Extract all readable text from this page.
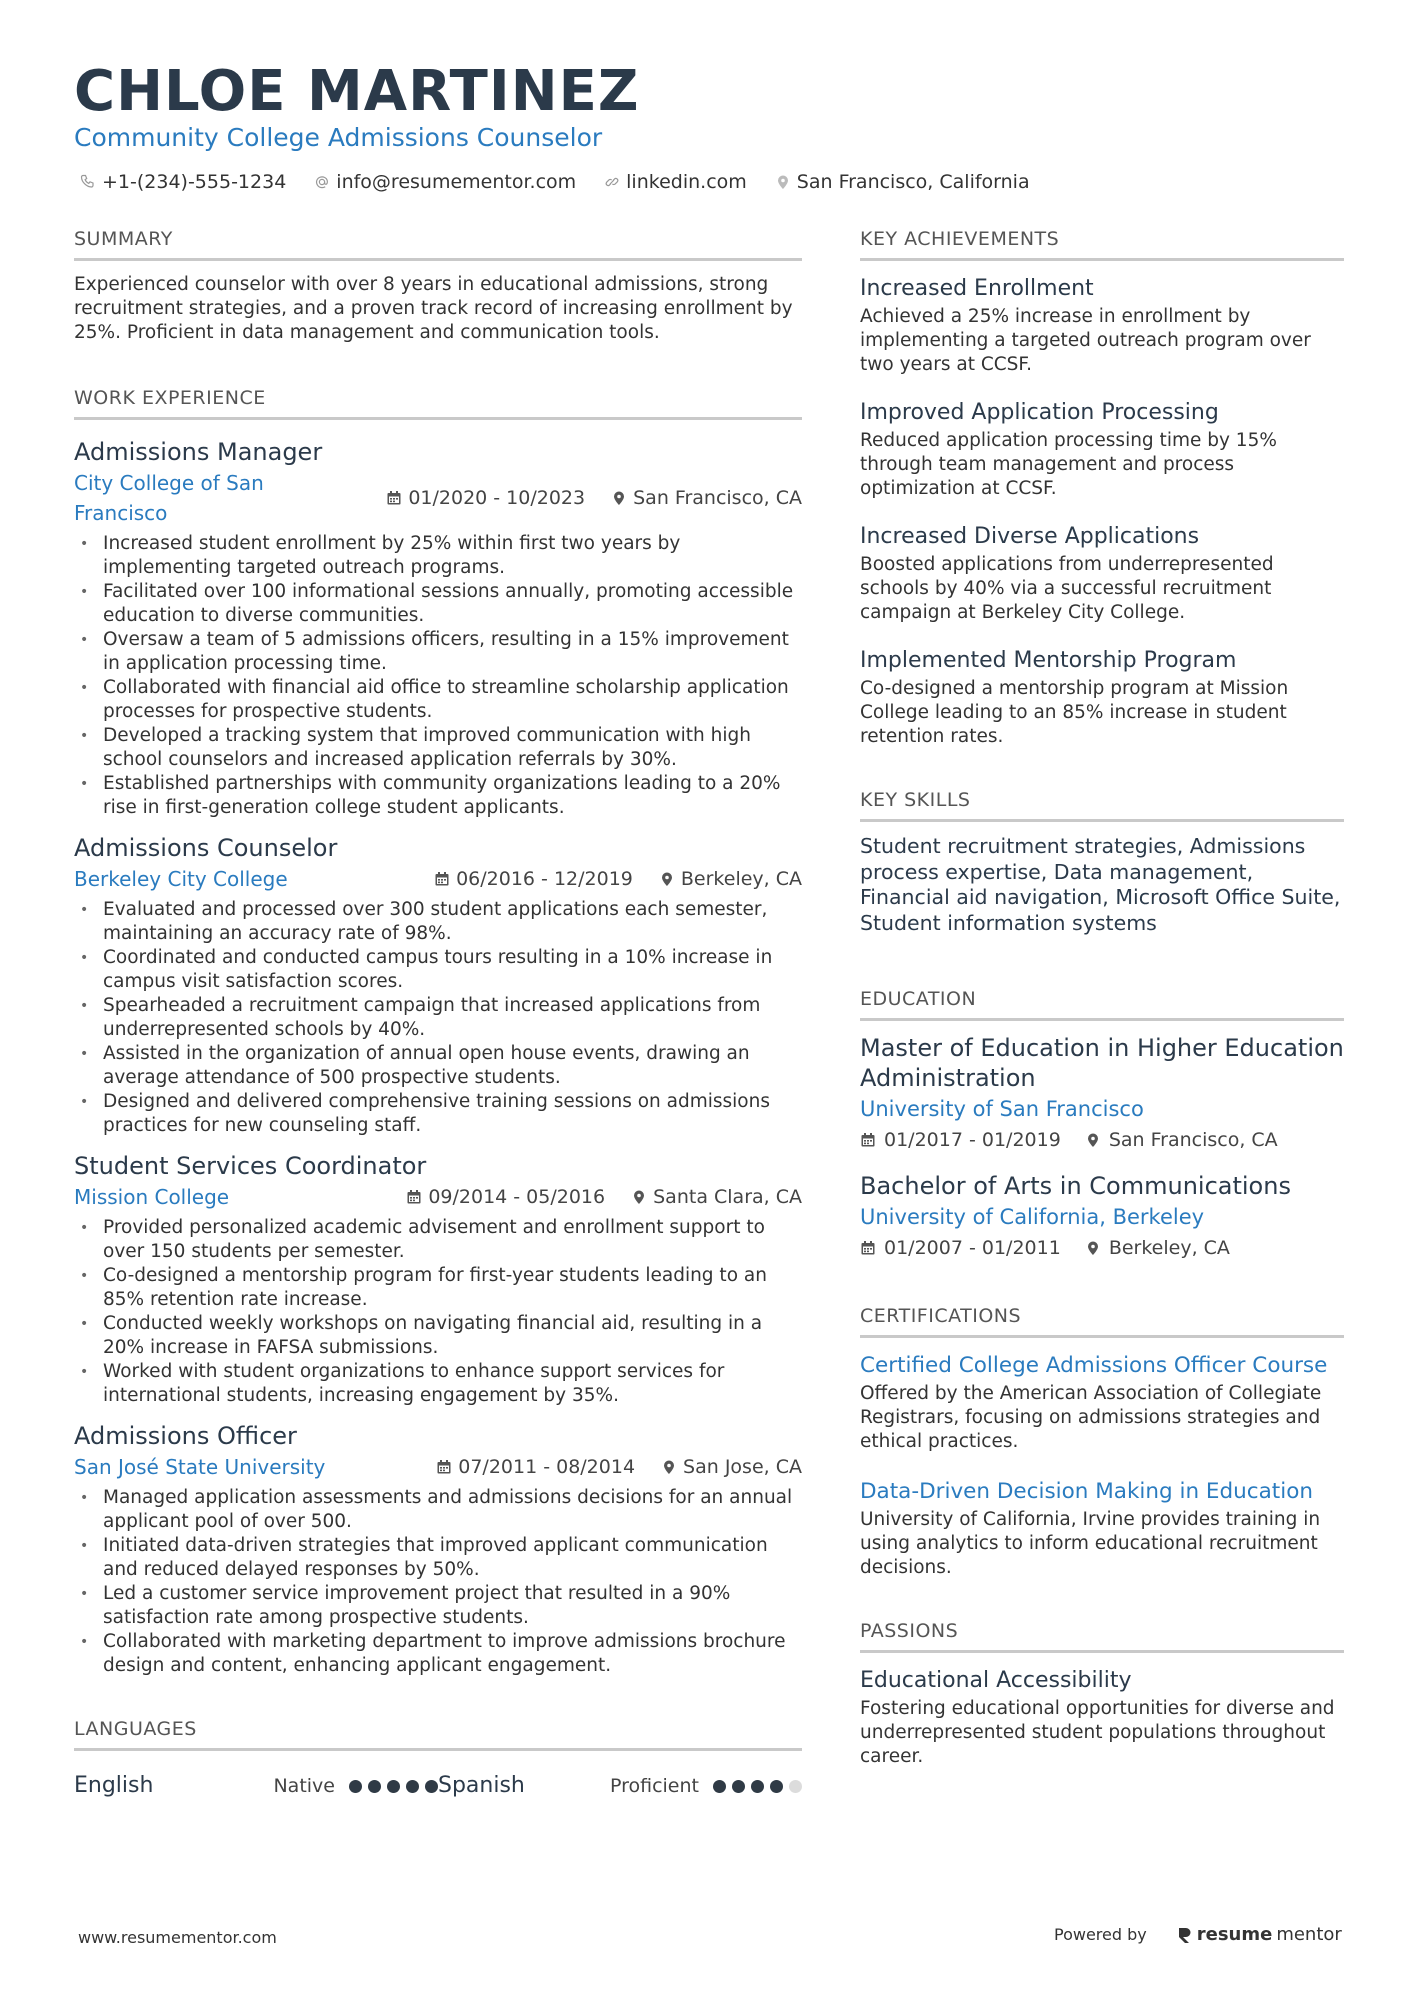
CHLOE MARTINEZ
Community College Admissions Counselor
+1-(234)-555-1234	info@resumementor.com	linkedin.com	San Francisco, California
SUMMARY
Experienced counselor with over 8 years in educational admissions, strong recruitment strategies, and a proven track record of increasing enrollment by 25%. Proficient in data management and communication tools.
WORK EXPERIENCE
Admissions Manager
City College of San Francisco
01/2020 - 10/2023	San Francisco, CA
• Increased student enrollment by 25% within first two years by implementing targeted outreach programs.
• Facilitated over 100 informational sessions annually, promoting accessible education to diverse communities.
• Oversaw a team of 5 admissions officers, resulting in a 15% improvement in application processing time.
• Collaborated with financial aid office to streamline scholarship application processes for prospective students.
• Developed a tracking system that improved communication with high school counselors and increased application referrals by 30%.
• Established partnerships with community organizations leading to a 20% rise in first-generation college student applicants.
Admissions Counselor
Berkeley City College	06/2016 - 12/2019	Berkeley, CA
• Evaluated and processed over 300 student applications each semester, maintaining an accuracy rate of 98%.
• Coordinated and conducted campus tours resulting in a 10% increase in campus visit satisfaction scores.
• Spearheaded a recruitment campaign that increased applications from underrepresented schools by 40%.
• Assisted in the organization of annual open house events, drawing an average attendance of 500 prospective students.
• Designed and delivered comprehensive training sessions on admissions practices for new counseling staff.
Student Services Coordinator
Mission College	09/2014 - 05/2016	Santa Clara, CA
• Provided personalized academic advisement and enrollment support to over 150 students per semester.
• Co-designed a mentorship program for first-year students leading to an 85% retention rate increase.
• Conducted weekly workshops on navigating financial aid, resulting in a 20% increase in FAFSA submissions.
• Worked with student organizations to enhance support services for international students, increasing engagement by 35%.
Admissions Officer
San José State University	07/2011 - 08/2014	San Jose, CA
• Managed application assessments and admissions decisions for an annual applicant pool of over 500.
• Initiated data-driven strategies that improved applicant communication and reduced delayed responses by 50%.
• Led a customer service improvement project that resulted in a 90% satisfaction rate among prospective students.
• Collaborated with marketing department to improve admissions brochure design and content, enhancing applicant engagement.
LANGUAGES
English	Native	Spanish	Proficient
KEY ACHIEVEMENTS
Increased Enrollment
Achieved a 25% increase in enrollment by implementing a targeted outreach program over two years at CCSF.
Improved Application Processing
Reduced application processing time by 15% through team management and process optimization at CCSF.
Increased Diverse Applications
Boosted applications from underrepresented schools by 40% via a successful recruitment campaign at Berkeley City College.
Implemented Mentorship Program
Co-designed a mentorship program at Mission College leading to an 85% increase in student retention rates.
KEY SKILLS
Student recruitment strategies, Admissions process expertise, Data management, Financial aid navigation, Microsoft Office Suite, Student information systems
EDUCATION
Master of Education in Higher Education Administration
University of San Francisco
01/2017 - 01/2019	San Francisco, CA
Bachelor of Arts in Communications
University of California, Berkeley
01/2007 - 01/2011	Berkeley, CA
CERTIFICATIONS
Certified College Admissions Officer Course
Offered by the American Association of Collegiate Registrars, focusing on admissions strategies and ethical practices.
Data-Driven Decision Making in Education
University of California, Irvine provides training in using analytics to inform educational recruitment decisions.
PASSIONS
Educational Accessibility
Fostering educational opportunities for diverse and underrepresented student populations throughout career.
www.resumementor.com	Powered by	resume mentor
